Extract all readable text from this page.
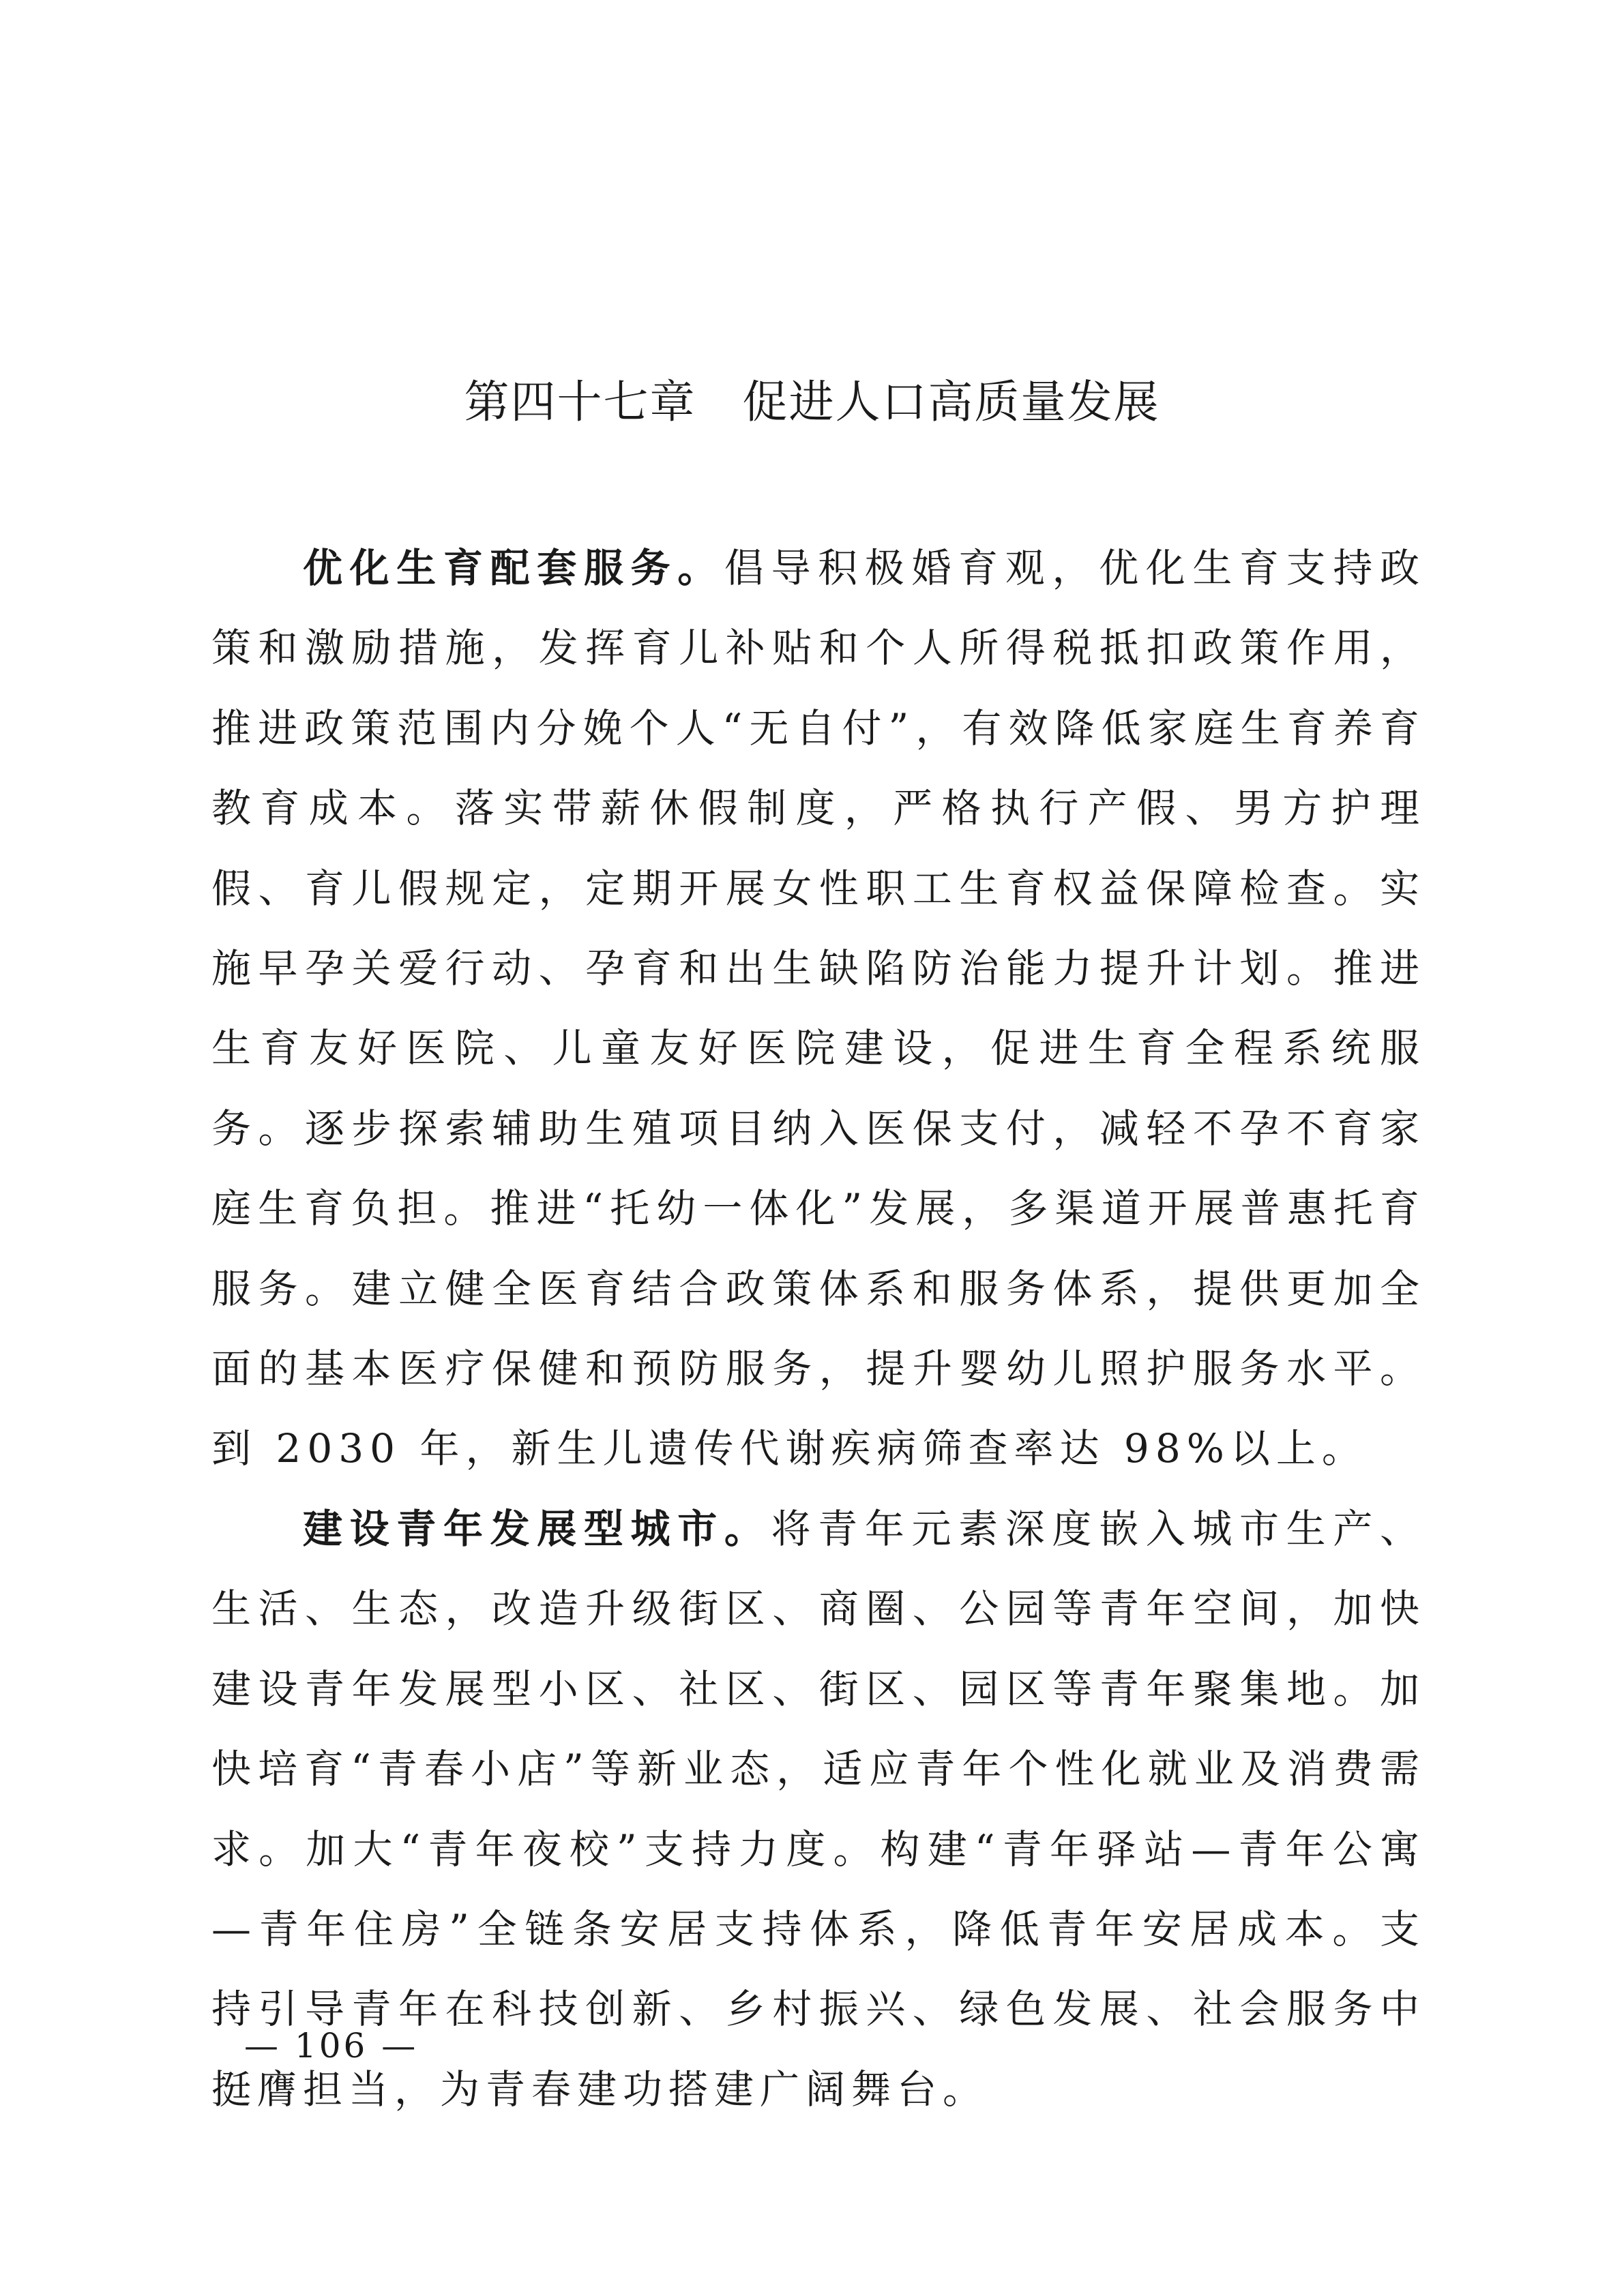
第四十七章　促进人口高质量发展

优化生育配套服务。倡导积极婚育观，优化生育支持政策和激励措施，发挥育儿补贴和个人所得税抵扣政策作用，推进政策范围内分娩个人“无自付”，有效降低家庭生育养育教育成本。落实带薪休假制度，严格执行产假、男方护理假、育儿假规定，定期开展女性职工生育权益保障检查。实施早孕关爱行动、孕育和出生缺陷防治能力提升计划。推进生育友好医院、儿童友好医院建设，促进生育全程系统服务。逐步探索辅助生殖项目纳入医保支付，减轻不孕不育家庭生育负担。推进“托幼一体化”发展，多渠道开展普惠托育服务。建立健全医育结合政策体系和服务体系，提供更加全面的基本医疗保健和预防服务，提升婴幼儿照护服务水平。到 2030 年，新生儿遗传代谢疾病筛查率达 98%以上。

建设青年发展型城市。将青年元素深度嵌入城市生产、生活、生态，改造升级街区、商圈、公园等青年空间，加快建设青年发展型小区、社区、街区、园区等青年聚集地。加快培育“青春小店”等新业态，适应青年个性化就业及消费需求。加大“青年夜校”支持力度。构建“青年驿站—青年公寓—青年住房”全链条安居支持体系，降低青年安居成本。支持引导青年在科技创新、乡村振兴、绿色发展、社会服务中挺膺担当，为青春建功搭建广阔舞台。

— 106 —
